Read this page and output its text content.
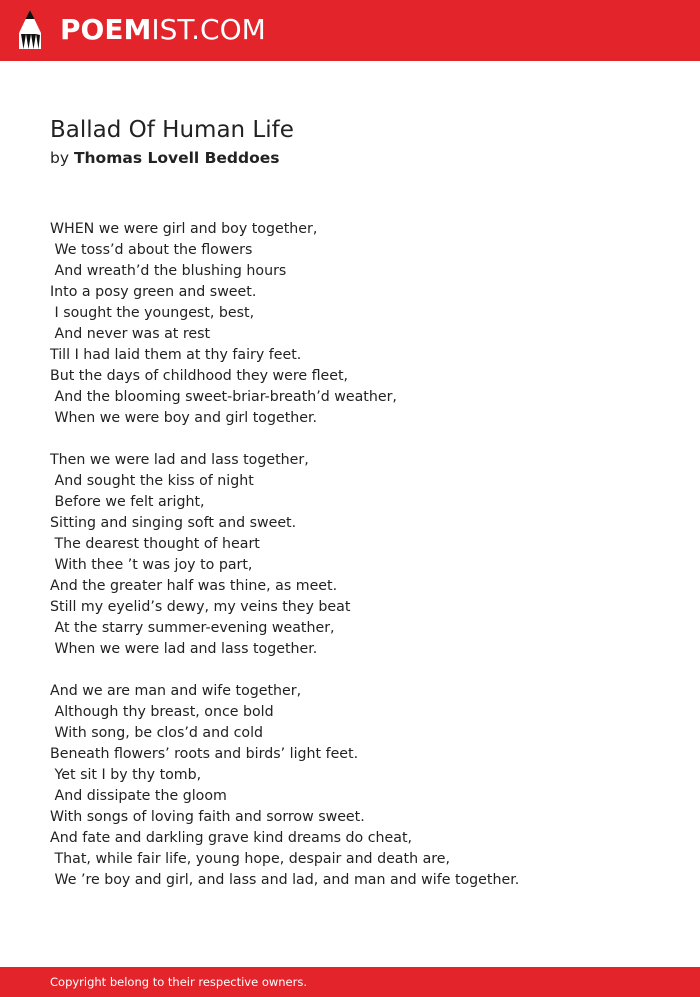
POEMIST.COM
Ballad Of Human Life
by Thomas Lovell Beddoes
WHEN we were girl and boy together,
We toss’d about the flowers
And wreath’d the blushing hours
Into a posy green and sweet.
I sought the youngest, best,
And never was at rest
Till I had laid them at thy fairy feet.
But the days of childhood they were fleet,
And the blooming sweet-briar-breath’d weather,
When we were boy and girl together.
Then we were lad and lass together,
And sought the kiss of night
Before we felt aright,
Sitting and singing soft and sweet.
The dearest thought of heart
With thee ’t was joy to part,
And the greater half was thine, as meet.
Still my eyelid’s dewy, my veins they beat
At the starry summer-evening weather,
When we were lad and lass together.
And we are man and wife together,
Although thy breast, once bold
With song, be clos’d and cold
Beneath flowers’ roots and birds’ light feet.
Yet sit I by thy tomb,
And dissipate the gloom
With songs of loving faith and sorrow sweet.
And fate and darkling grave kind dreams do cheat,
That, while fair life, young hope, despair and death are,
We ’re boy and girl, and lass and lad, and man and wife together.
Copyright belong to their respective owners.
